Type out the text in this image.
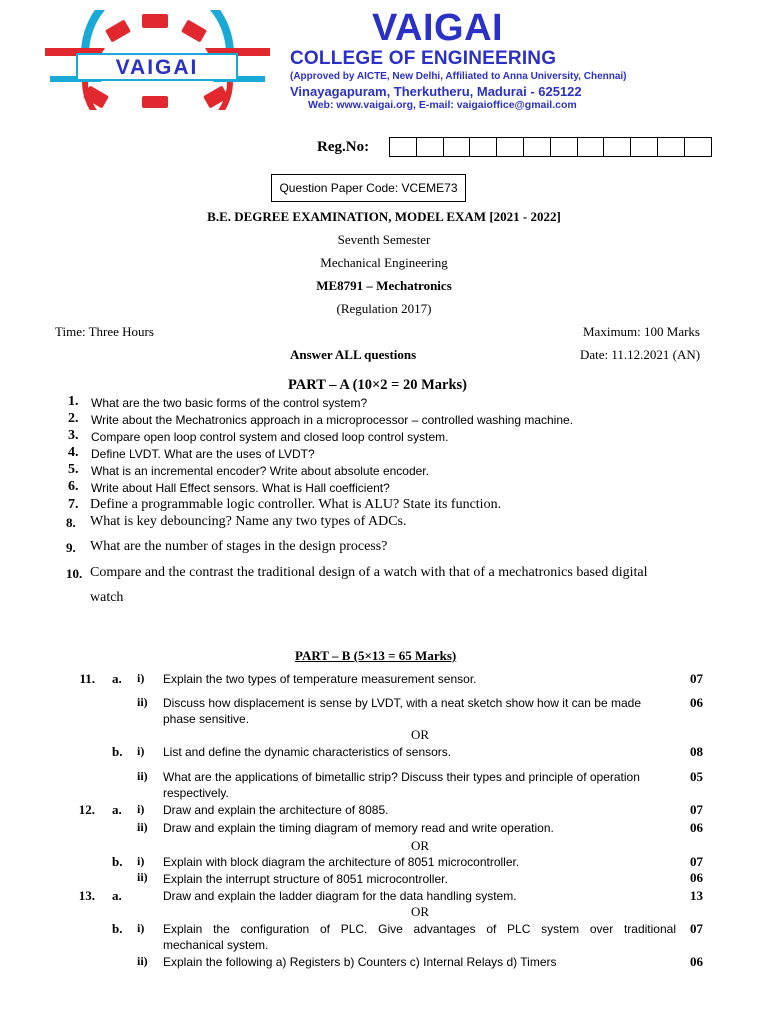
VAIGAI
VAIGAI
COLLEGE OF ENGINEERING
(Approved by AICTE, New Delhi, Affiliated to Anna University, Chennai)
Vinayagapuram, Therkutheru, Madurai - 625122
Web: www.vaigai.org, E-mail: vaigaioffice@gmail.com
Reg.No:
Question Paper Code: VCEME73
B.E. DEGREE EXAMINATION, MODEL EXAM [2021 - 2022]
Seventh Semester
Mechanical Engineering
ME8791 – Mechatronics
(Regulation 2017)
Time: Three Hours	Maximum: 100 Marks
Answer ALL questions	Date: 11.12.2021 (AN)
PART – A (10×2 = 20 Marks)
1. What are the two basic forms of the control system?
2. Write about the Mechatronics approach in a microprocessor – controlled washing machine.
3. Compare open loop control system and closed loop control system.
4. Define LVDT. What are the uses of LVDT?
5. What is an incremental encoder? Write about absolute encoder.
6. Write about Hall Effect sensors. What is Hall coefficient?
7. Define a programmable logic controller. What is ALU? State its function.
8. What is key debouncing? Name any two types of ADCs.
9. What are the number of stages in the design process?
10. Compare and the contrast the traditional design of a watch with that of a mechatronics based digital
watch
PART – B (5×13 = 65 Marks)
11. a. i) Explain the two types of temperature measurement sensor.	07
ii) Discuss how displacement is sense by LVDT, with a neat sketch show how it can be made
phase sensitive.
06
OR
b. i) List and define the dynamic characteristics of sensors.	08
ii) What are the applications of bimetallic strip? Discuss their types and principle of operation
respectively.
05
12. a. i) Draw and explain the architecture of 8085.	07
ii) Draw and explain the timing diagram of memory read and write operation.	06
OR
b. i) Explain with block diagram the architecture of 8051 microcontroller.	07
ii) Explain the interrupt structure of 8051 microcontroller.	06
13. a.	Draw and explain the ladder diagram for the data handling system.	13
OR
b. i) Explain the configuration of PLC. Give advantages of PLC system over traditional
mechanical system.
07
ii) Explain the following a) Registers b) Counters c) Internal Relays d) Timers	06
